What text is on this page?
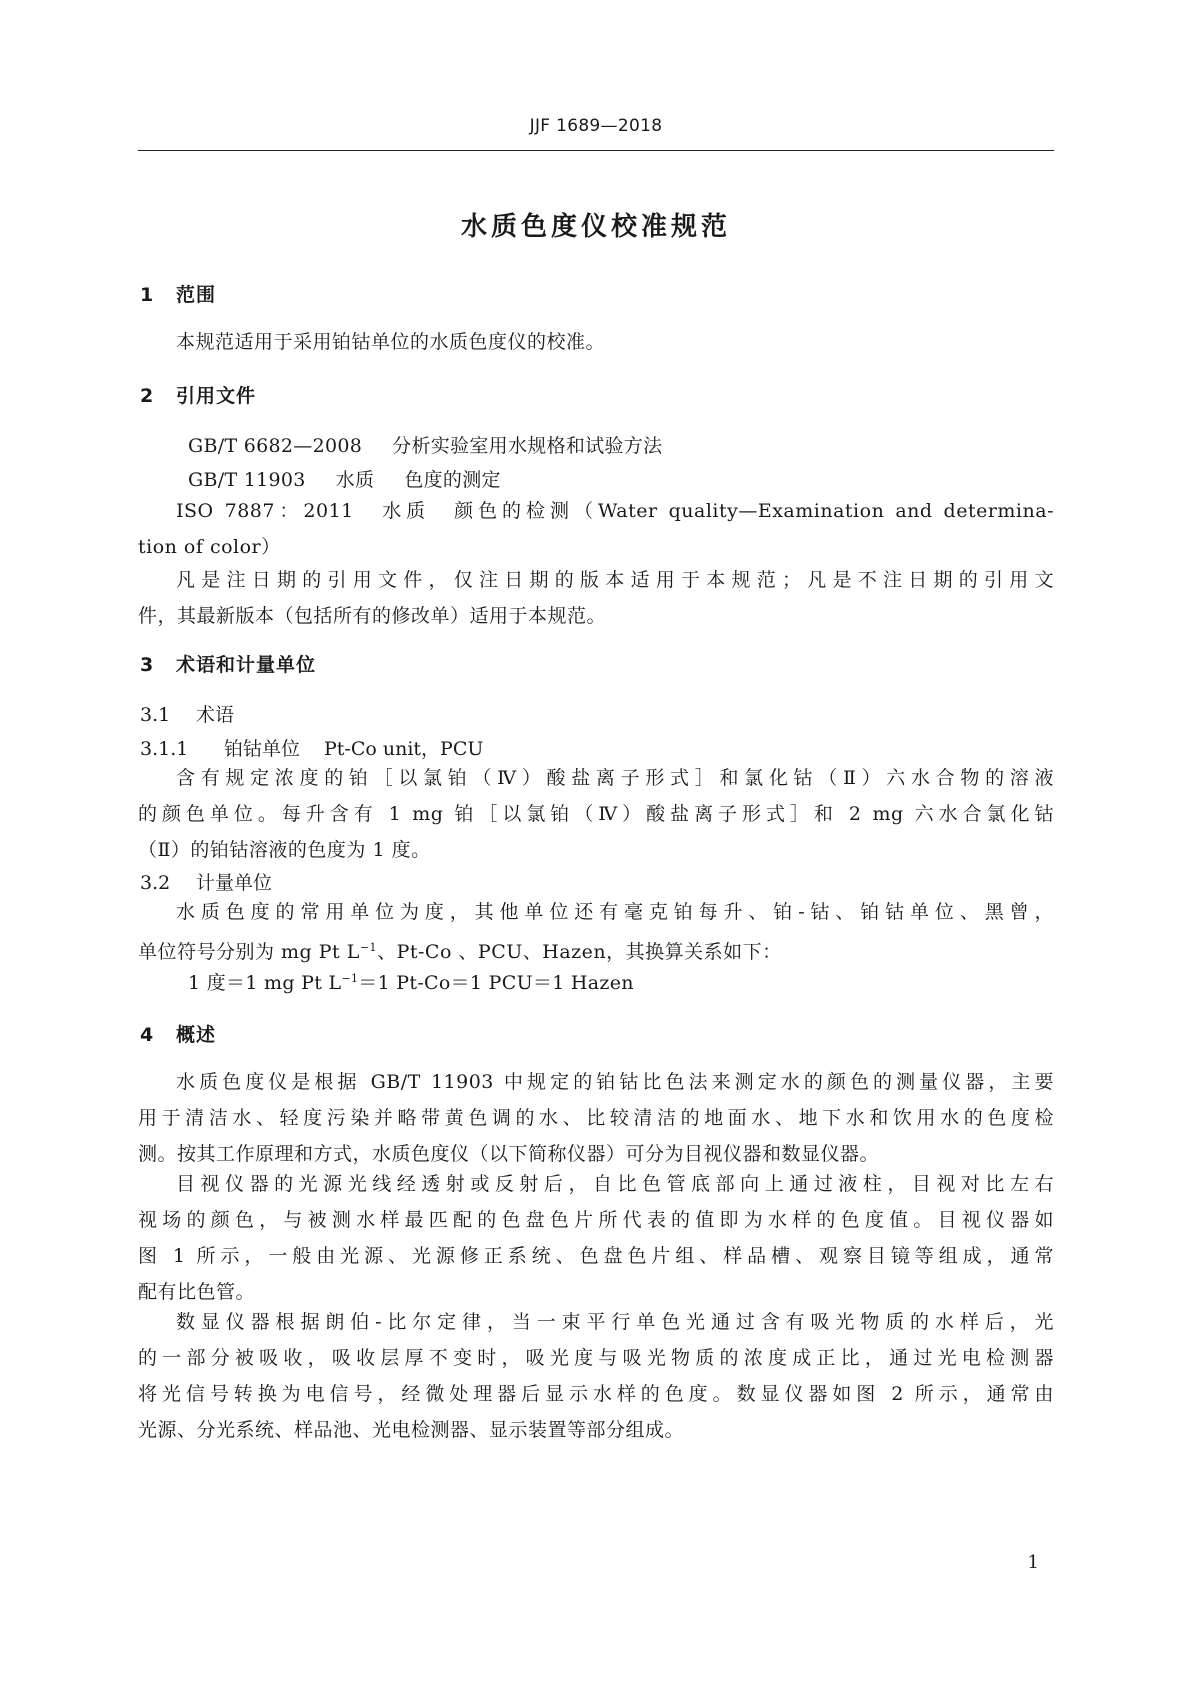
JJF 1689—2018
水质色度仪校准规范
1 范围
本规范适用于采用铂钴单位的水质色度仪的校准。
2 引用文件
GB/T 6682—2008 分析实验室用水规格和试验方法
GB/T 11903 水质 色度的测定
ISO 7887：2011　水质　颜色的检测（Water quality—Examination and determina-
tion of color）
凡是注日期的引用文件，仅注日期的版本适用于本规范；凡是不注日期的引用文
件，其最新版本（包括所有的修改单）适用于本规范。
3 术语和计量单位
3.1 术语
3.1.1 铂钴单位 Pt-Co unit，PCU
含有规定浓度的铂［以氯铂（Ⅳ）酸盐离子形式］和氯化钴（Ⅱ）六水合物的溶液
的颜色单位。每升含有 1 mg 铂［以氯铂（Ⅳ）酸盐离子形式］和 2 mg 六水合氯化钴
（Ⅱ）的铂钴溶液的色度为 1 度。
3.2 计量单位
水质色度的常用单位为度，其他单位还有毫克铂每升、铂-钴、铂钴单位、黑曾，
单位符号分别为 mg Pt $L^{-1}$、Pt-Co 、PCU、Hazen，其换算关系如下：
1 度＝1 mg Pt $L^{-1}=1$ Pt-Co＝1 PCU＝1 Hazen
4 概述
水质色度仪是根据 GB/T 11903 中规定的铂钴比色法来测定水的颜色的测量仪器，主要
用于清洁水、轻度污染并略带黄色调的水、比较清洁的地面水、地下水和饮用水的色度检
测。按其工作原理和方式，水质色度仪（以下简称仪器）可分为目视仪器和数显仪器。
目视仪器的光源光线经透射或反射后，自比色管底部向上通过液柱，目视对比左右
视场的颜色，与被测水样最匹配的色盘色片所代表的值即为水样的色度值。目视仪器如
图 1 所示，一般由光源、光源修正系统、色盘色片组、样品槽、观察目镜等组成，通常
配有比色管。
数显仪器根据朗伯-比尔定律，当一束平行单色光通过含有吸光物质的水样后，光
的一部分被吸收，吸收层厚不变时，吸光度与吸光物质的浓度成正比，通过光电检测器
将光信号转换为电信号，经微处理器后显示水样的色度。数显仪器如图 2 所示，通常由
光源、分光系统、样品池、光电检测器、显示装置等部分组成。
1
